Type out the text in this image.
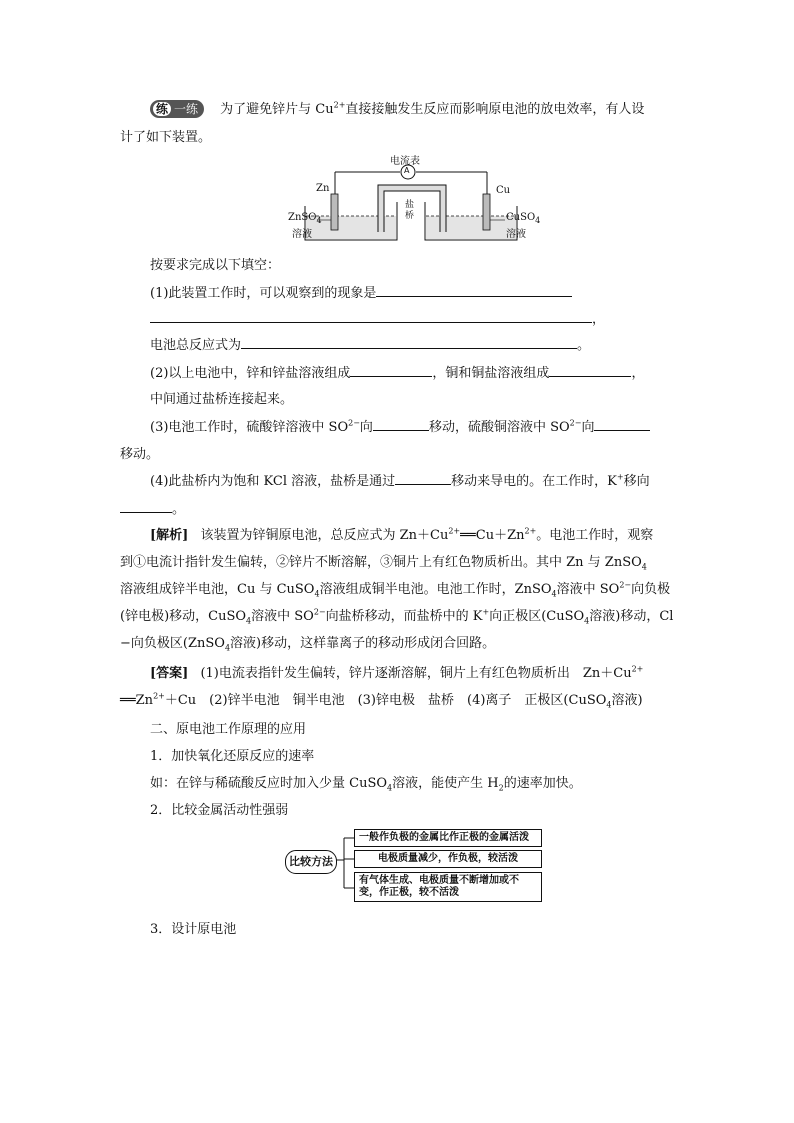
练 一练 为了避免锌片与 $Cu^{2+}$直接接触发生反应而影响原电池的放电效率，有人设
计了如下装置。
电流表
A
Zn	Cu
盐
桥
ZnSO$_4$
溶液
CuSO$_4$
溶液
按要求完成以下填空：
(1)此装置工作时，可以观察到的现象是
，
电池总反应式为	。
(2)以上电池中，锌和锌盐溶液组成	，铜和铜盐溶液组成	，
中间通过盐桥连接起来。
(3)电池工作时，硫酸锌溶液中 $SO^{2-}$向	移动，硫酸铜溶液中 $SO^{2-}$向
移动。
(4)此盐桥内为饱和 KCl 溶液，盐桥是通过	移动来导电的。在工作时，K+移向
。
[解析] 该装置为锌铜原电池，总反应式为 $Zn+Cu^{2+}══Cu+Zn^{2+}$。电池工作时，观察
到①电流计指针发生偏转，②锌片不断溶解，③铜片上有红色物质析出。其中 Zn 与 ZnSO$_4$
溶液组成锌半电池，Cu 与 CuSO$_4$溶液组成铜半电池。电池工作时，ZnSO$_4$溶液中 $SO^{2-}$向负极
(锌电极)移动，CuSO$_4$溶液中 $SO^{2-}$向盐桥移动，而盐桥中的 K+向正极区(CuSO$_4$溶液)移动，Cl
−向负极区(ZnSO$_4$溶液)移动，这样靠离子的移动形成闭合回路。
[答案] (1)电流表指针发生偏转，锌片逐渐溶解，铜片上有红色物质析出　$Zn+Cu^{2+}$
$══Zn^{2+}+Cu$　(2)锌半电池　铜半电池　(3)锌电极　盐桥　(4)离子　正极区(CuSO$_4$溶液)
二、原电池工作原理的应用
1．加快氧化还原反应的速率
如：在锌与稀硫酸反应时加入少量 CuSO$_4$溶液，能使产生 $H_2$的速率加快。
2．比较金属活动性强弱
比较方法
一般作负极的金属比作正极的金属活泼
电极质量减少，作负极，较活泼
有气体生成、电极质量不断增加或不
变，作正极，较不活泼
3．设计原电池
